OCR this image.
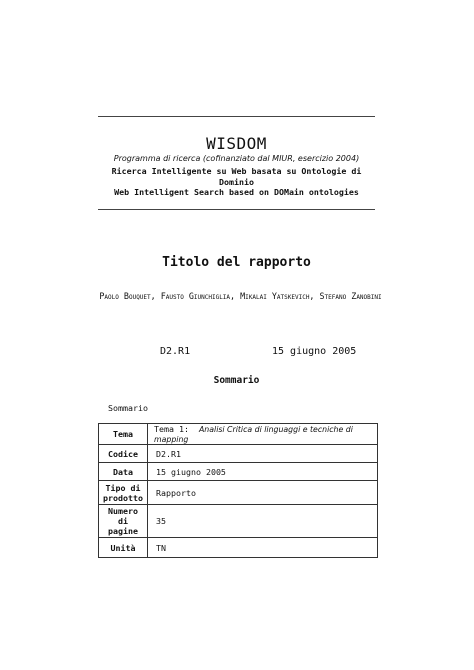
WISDOM
Programma di ricerca (cofinanziato dal MIUR, esercizio 2004)
Ricerca Intelligente su Web basata su Ontologie di Dominio
Web Intelligent Search based on DOMain ontologies
Titolo del rapporto
Paolo Bouquet, Fausto Giunchiglia, Mikalai Yatskevich, Stefano Zanobini
D2.R1	15 giugno 2005
Sommario
Sommario
Tema	Tema 1: Analisi Critica di linguaggi e tecniche di mapping
Codice	D2.R1
Data	15 giugno 2005
Tipo di prodotto	Rapporto
Numero di pagine	35
Unità	TN
